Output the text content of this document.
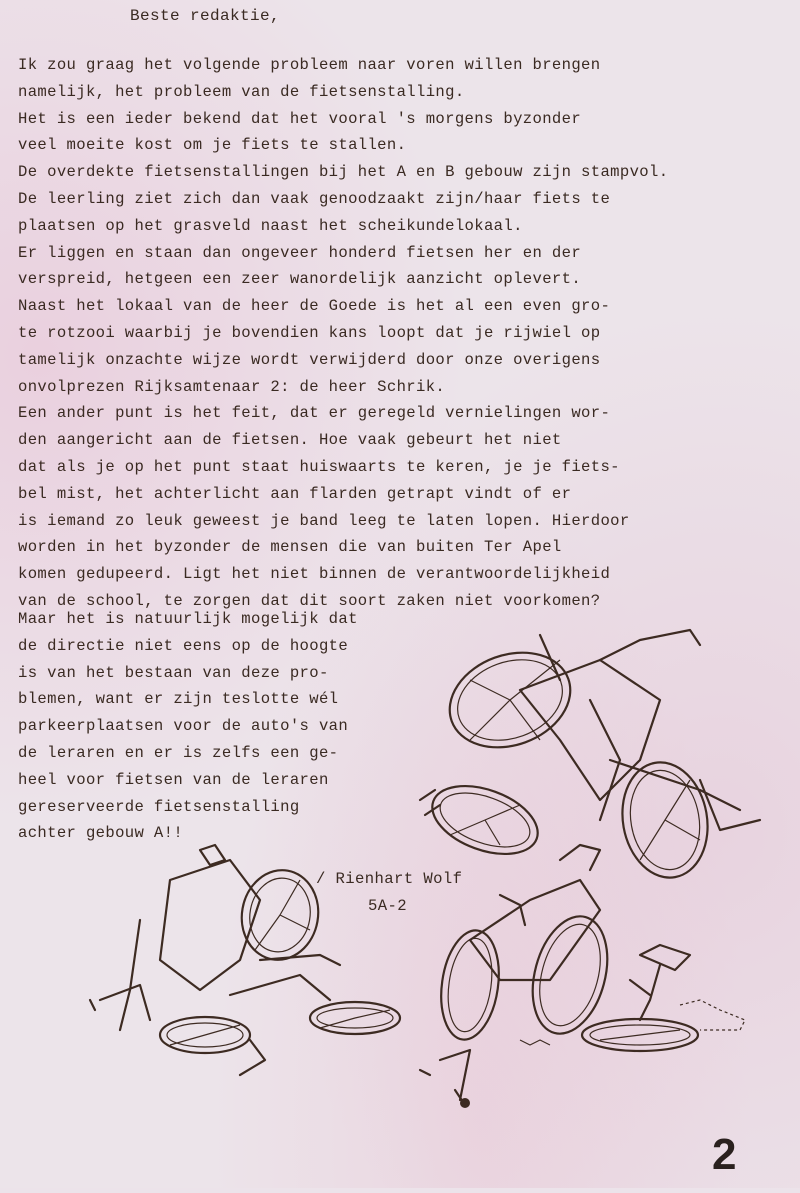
Beste redaktie,
Ik zou graag het volgende probleem naar voren willen brengen
namelijk, het probleem van de fietsenstalling.
Het is een ieder bekend dat het vooral 's morgens byzonder
veel moeite kost om je fiets te stallen.
De overdekte fietsenstallingen bij het A en B gebouw zijn stampvol.
De leerling ziet zich dan vaak genoodzaakt zijn/haar fiets te
plaatsen op het grasveld naast het scheikundelokaal.
Er liggen en staan dan ongeveer honderd fietsen her en der
verspreid, hetgeen een zeer wanordelijk aanzicht oplevert.
Naast het lokaal van de heer de Goede is het al een even gro-
te rotzooi waarbij je bovendien kans loopt dat je rijwiel op
tamelijk onzachte wijze wordt verwijderd door onze overigens
onvolprezen Rijksamtenaar 2: de heer Schrik.
Een ander punt is het feit, dat er geregeld vernielingen wor-
den aangericht aan de fietsen. Hoe vaak gebeurt het niet
dat als je op het punt staat huiswaarts te keren, je je fiets-
bel mist, het achterlicht aan flarden getrapt vindt of er
is iemand zo leuk geweest je band leeg te laten lopen. Hierdoor
worden in het byzonder de mensen die van buiten Ter Apel
komen gedupeerd. Ligt het niet binnen de verantwoordelijkheid
van de school, te zorgen dat dit soort zaken niet voorkomen?
Maar het is natuurlijk mogelijk dat
de directie niet eens op de hoogte
is van het bestaan van deze pro-
blemen, want er zijn teslotte wél
parkeerplaatsen voor de auto's van
de leraren en er is zelfs een ge-
heel voor fietsen van de leraren
gereserveerde fietsenstalling
achter gebouw A!!
/ Rienhart Wolf
5A-2
2
